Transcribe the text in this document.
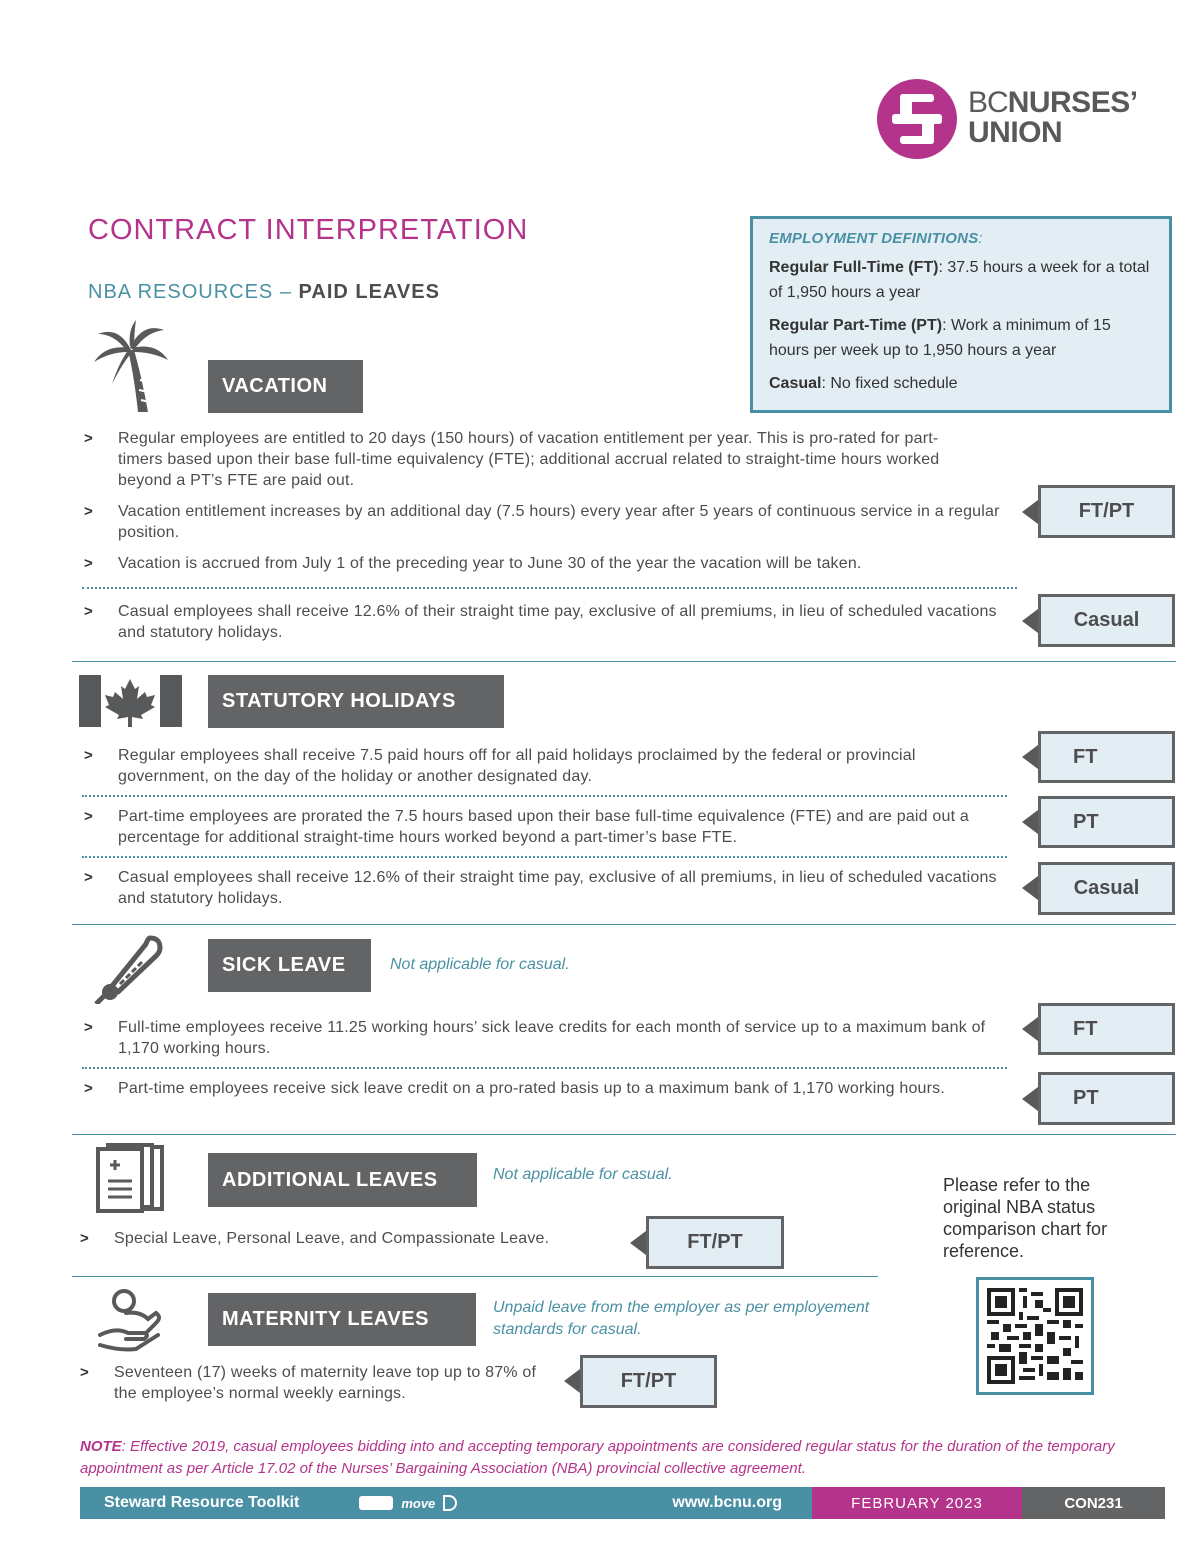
BCNURSES’
UNION
CONTRACT INTERPRETATION
NBA RESOURCES – PAID LEAVES
EMPLOYMENT DEFINITIONS:
Regular Full-Time (FT): 37.5 hours a week for a total of 1,950 hours a year
Regular Part-Time (PT): Work a minimum of 15 hours per week up to 1,950 hours a year
Casual: No fixed schedule
VACATION
> Regular employees are entitled to 20 days (150 hours) of vacation entitlement per year. This is pro-rated for part-timers based upon their base full-time equivalency (FTE); additional accrual related to straight-time hours worked beyond a PT’s FTE are paid out.
> Vacation entitlement increases by an additional day (7.5 hours) every year after 5 years of continuous service in a regular position.
> Vacation is accrued from July 1 of the preceding year to June 30 of the year the vacation will be taken.
> Casual employees shall receive 12.6% of their straight time pay, exclusive of all premiums, in lieu of scheduled vacations and statutory holidays.
FT/PT
Casual
STATUTORY HOLIDAYS
> Regular employees shall receive 7.5 paid hours off for all paid holidays proclaimed by the federal or provincial government, on the day of the holiday or another designated day.
> Part-time employees are prorated the 7.5 hours based upon their base full-time equivalence (FTE) and are paid out a percentage for additional straight-time hours worked beyond a part-timer’s base FTE.
> Casual employees shall receive 12.6% of their straight time pay, exclusive of all premiums, in lieu of scheduled vacations and statutory holidays.
FT
PT
Casual
SICK LEAVE	Not applicable for casual.
> Full-time employees receive 11.25 working hours’ sick leave credits for each month of service up to a maximum bank of 1,170 working hours.
> Part-time employees receive sick leave credit on a pro-rated basis up to a maximum bank of 1,170 working hours.
FT
PT
ADDITIONAL LEAVES	Not applicable for casual.
> Special Leave, Personal Leave, and Compassionate Leave.	FT/PT
MATERNITY LEAVES
Unpaid leave from the employer as per employement standards for casual.
> Seventeen (17) weeks of maternity leave top up to 87% of the employee’s normal weekly earnings.
FT/PT
Please refer to the original NBA status comparison chart for reference.
NOTE: Effective 2019, casual employees bidding into and accepting temporary appointments are considered regular status for the duration of the temporary appointment as per Article 17.02 of the Nurses’ Bargaining Association (NBA) provincial collective agreement.
Steward Resource Toolkit	move	www.bcnu.org	FEBRUARY 2023	CON231
